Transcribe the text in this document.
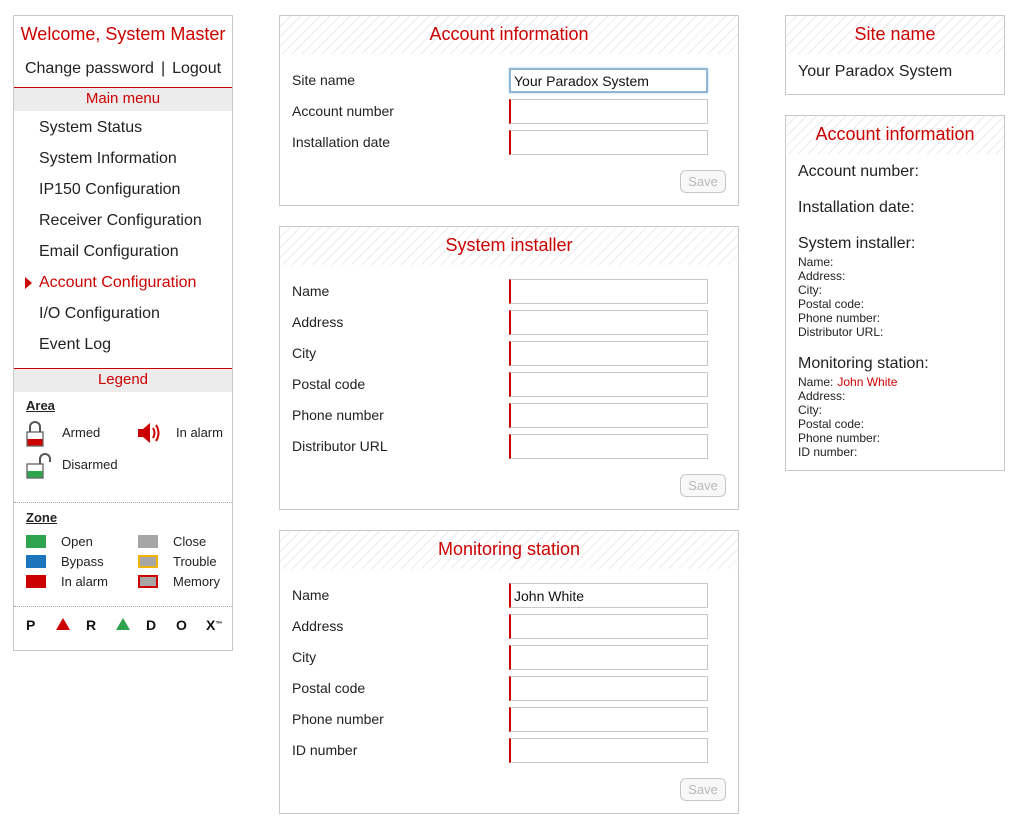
Welcome, System Master
Change password | Logout
Main menu
System Status
System Information
IP150 Configuration
Receiver Configuration
Email Configuration
Account Configuration
I/O Configuration
Event Log
Legend
Area
Armed	In alarm
Disarmed
Zone
Open	Close
Bypass	Trouble
In alarm	Memory
P	R	D	O	X ™
Account information
Site name
Your Paradox System
Account number
Installation date
Save
System installer
Name
Address
City
Postal code
Phone number
Distributor URL
Save
Monitoring station
Name
John White
Address
City
Postal code
Phone number
ID number
Save
Site name
Your Paradox System
Account information
Account number:
Installation date:
System installer:
Name:
Address:
City:
Postal code:
Phone number:
Distributor URL:
Monitoring station:
Name: John White
Address:
City:
Postal code:
Phone number:
ID number:
